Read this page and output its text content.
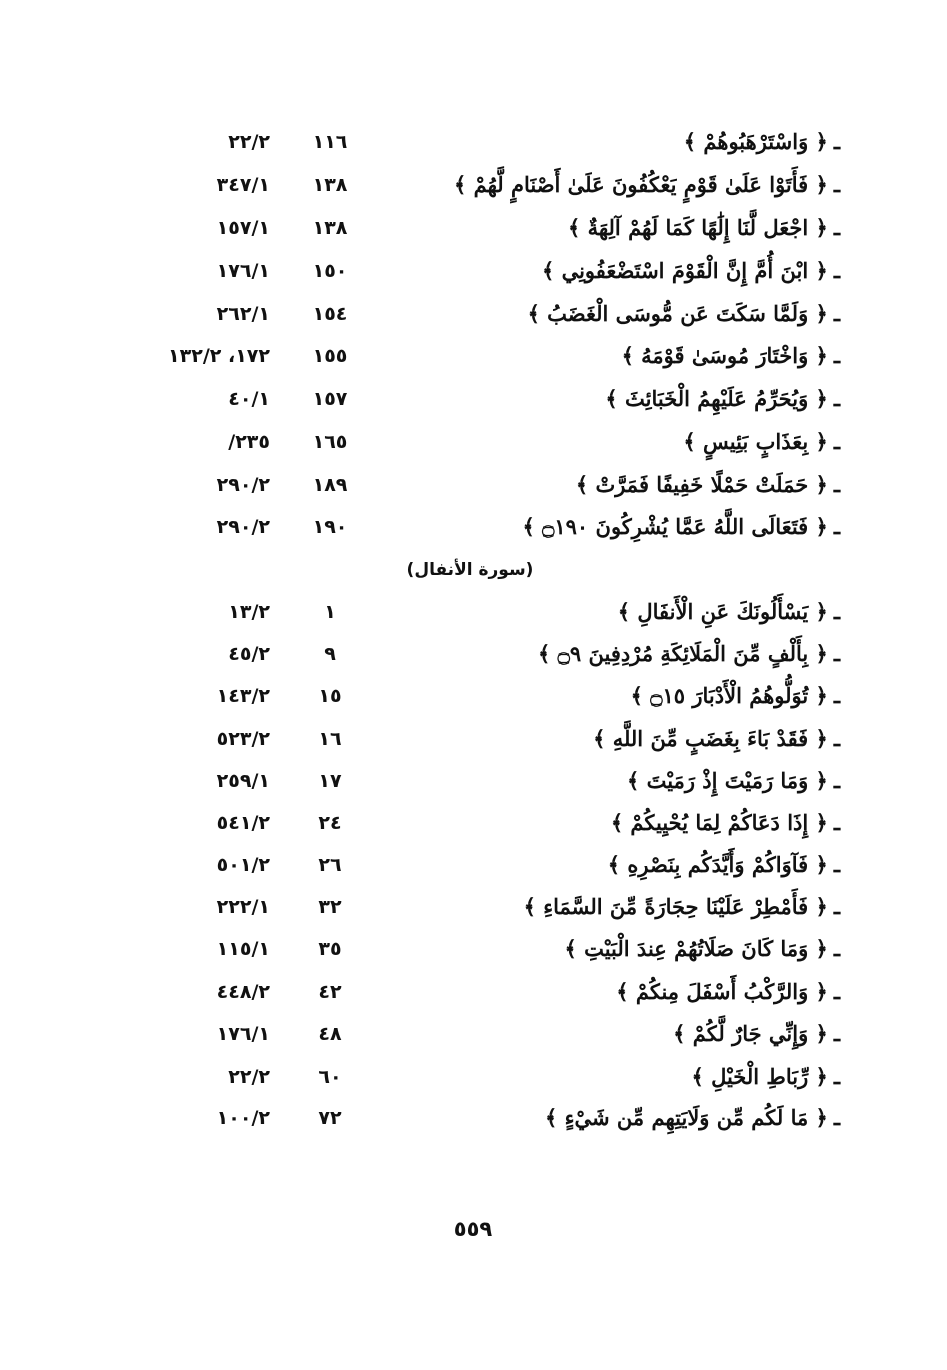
ـ﴿ وَاسْتَرْهَبُوهُمْ ﴾
١١٦
٢٢/٢
ـ﴿ فَأَتَوْا عَلَىٰ قَوْمٍ يَعْكُفُونَ عَلَىٰ أَصْنَامٍ لَّهُمْ ﴾
١٣٨
٣٤٧/١
ـ﴿ اجْعَل لَّنَا إِلَٰهًا كَمَا لَهُمْ آلِهَةٌ ﴾
١٣٨
١٥٧/١
ـ﴿ ابْنَ أُمَّ إِنَّ الْقَوْمَ اسْتَضْعَفُونِي ﴾
١٥٠
١٧٦/١
ـ﴿ وَلَمَّا سَكَتَ عَن مُّوسَى الْغَضَبُ ﴾
١٥٤
٢٦٢/١
ـ﴿ وَاخْتَارَ مُوسَىٰ قَوْمَهُ ﴾
١٥٥
١٧٢، ١٣٢/٢
ـ﴿ وَيُحَرِّمُ عَلَيْهِمُ الْخَبَائِثَ ﴾
١٥٧
٤٠/١
ـ﴿ بِعَذَابٍ بَئِيسٍ ﴾
١٦٥
٢٣٥/
ـ﴿ حَمَلَتْ حَمْلًا خَفِيفًا فَمَرَّتْ ﴾
١٨٩
٢٩٠/٢
ـ﴿ فَتَعَالَى اللَّهُ عَمَّا يُشْرِكُونَ ۝١٩٠ ﴾
١٩٠
٢٩٠/٢
(سورة الأنفال)
ـ﴿ يَسْأَلُونَكَ عَنِ الْأَنفَالِ ﴾
١
١٣/٢
ـ﴿ بِأَلْفٍ مِّنَ الْمَلَائِكَةِ مُرْدِفِينَ ۝٩ ﴾
٩
٤٥/٢
ـ﴿ تُوَلُّوهُمُ الْأَدْبَارَ ۝١٥ ﴾
١٥
١٤٣/٢
ـ﴿ فَقَدْ بَاءَ بِغَضَبٍ مِّنَ اللَّهِ ﴾
١٦
٥٢٣/٢
ـ﴿ وَمَا رَمَيْتَ إِذْ رَمَيْتَ ﴾
١٧
٢٥٩/١
ـ﴿ إِذَا دَعَاكُمْ لِمَا يُحْيِيكُمْ ﴾
٢٤
٥٤١/٢
ـ﴿ فَآوَاكُمْ وَأَيَّدَكُم بِنَصْرِهِ ﴾
٢٦
٥٠١/٢
ـ﴿ فَأَمْطِرْ عَلَيْنَا حِجَارَةً مِّنَ السَّمَاءِ ﴾
٣٢
٢٢٢/١
ـ﴿ وَمَا كَانَ صَلَاتُهُمْ عِندَ الْبَيْتِ ﴾
٣٥
١١٥/١
ـ﴿ وَالرَّكْبُ أَسْفَلَ مِنكُمْ ﴾
٤٢
٤٤٨/٢
ـ﴿ وَإِنِّي جَارٌ لَّكُمْ ﴾
٤٨
١٧٦/١
ـ﴿ رِّبَاطِ الْخَيْلِ ﴾
٦٠
٢٢/٢
ـ﴿ مَا لَكُم مِّن وَلَايَتِهِم مِّن شَيْءٍ ﴾
٧٢
١٠٠/٢
٥٥٩
